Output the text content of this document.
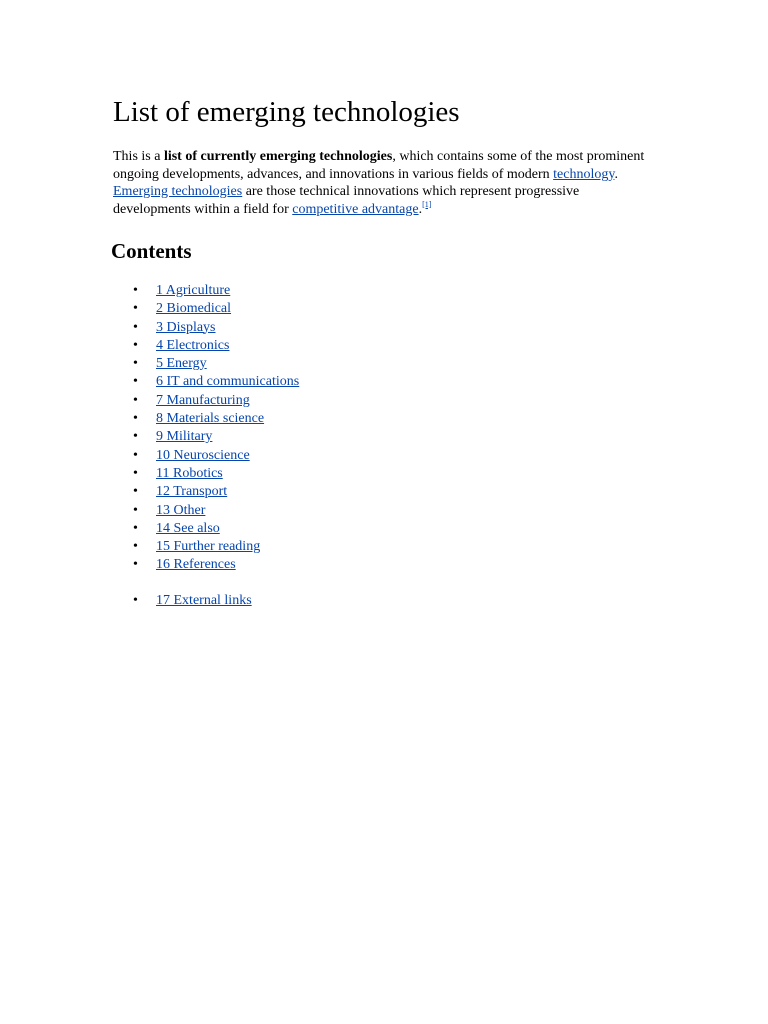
List of emerging technologies

This is a list of currently emerging technologies, which contains some of the most prominent ongoing developments, advances, and innovations in various fields of modern technology. Emerging technologies are those technical innovations which represent progressive developments within a field for competitive advantage.[1]

Contents
• 1 Agriculture
• 2 Biomedical
• 3 Displays
• 4 Electronics
• 5 Energy
• 6 IT and communications
• 7 Manufacturing
• 8 Materials science
• 9 Military
• 10 Neuroscience
• 11 Robotics
• 12 Transport
• 13 Other
• 14 See also
• 15 Further reading
• 16 References
• 17 External links
